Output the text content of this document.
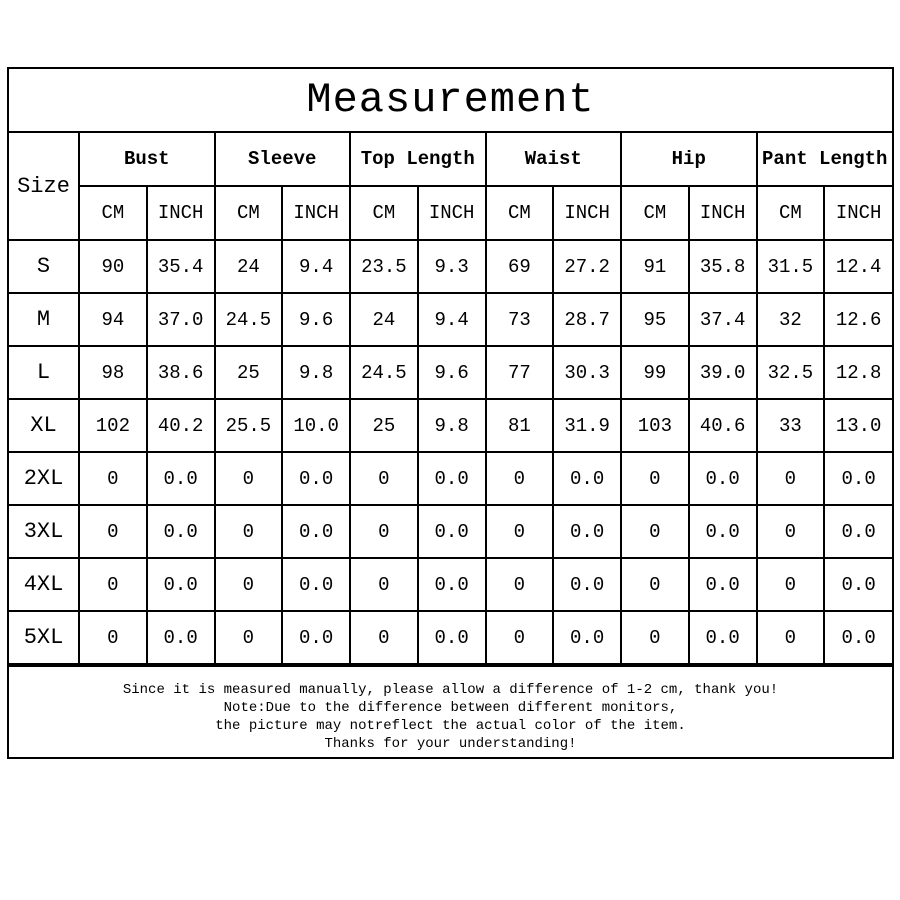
Measurement
Size	Bust		Sleeve		Top Length		Waist		Hip		Pant Length	
	CM	INCH	CM	INCH	CM	INCH	CM	INCH	CM	INCH	CM	INCH
S	90	35.4	24	9.4	23.5	9.3	69	27.2	91	35.8	31.5	12.4
M	94	37.0	24.5	9.6	24	9.4	73	28.7	95	37.4	32	12.6
L	98	38.6	25	9.8	24.5	9.6	77	30.3	99	39.0	32.5	12.8
XL	102	40.2	25.5	10.0	25	9.8	81	31.9	103	40.6	33	13.0
2XL	0	0.0	0	0.0	0	0.0	0	0.0	0	0.0	0	0.0
3XL	0	0.0	0	0.0	0	0.0	0	0.0	0	0.0	0	0.0
4XL	0	0.0	0	0.0	0	0.0	0	0.0	0	0.0	0	0.0
5XL	0	0.0	0	0.0	0	0.0	0	0.0	0	0.0	0	0.0
Since it is measured manually, please allow a difference of 1-2 cm, thank you!
Note:Due to the difference between different monitors,
the picture may notreflect the actual color of the item.
Thanks for your understanding!
